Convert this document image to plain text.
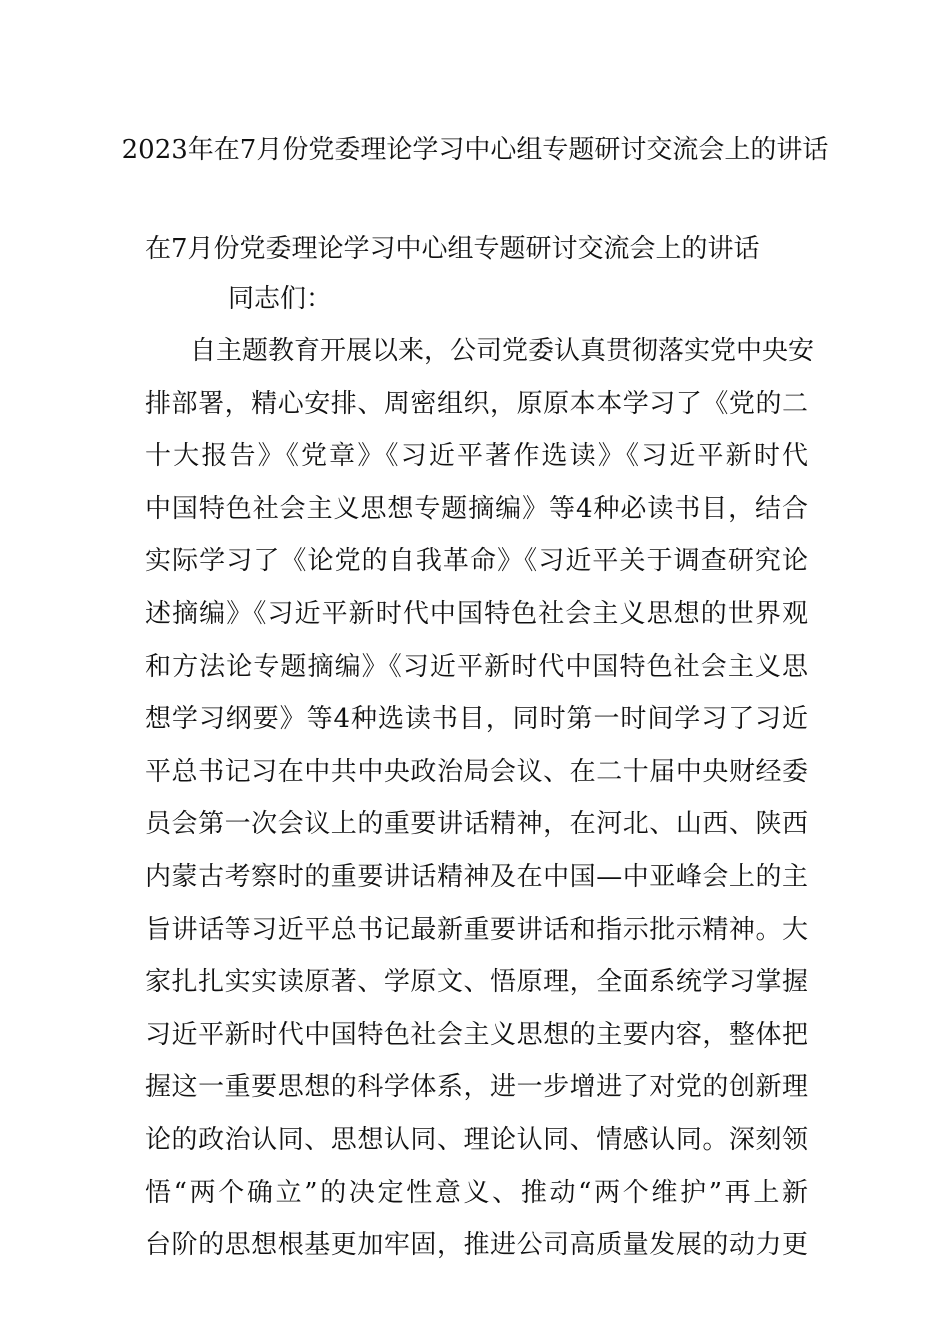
2023年在7月份党委理论学习中心组专题研讨交流会上的讲话

在7月份党委理论学习中心组专题研讨交流会上的讲话

同志们：

自主题教育开展以来，公司党委认真贯彻落实党中央安
排部署，精心安排、周密组织，原原本本学习了《党的二
十大报告》《党章》《习近平著作选读》《习近平新时代
中国特色社会主义思想专题摘编》等4种必读书目，结合
实际学习了《论党的自我革命》《习近平关于调查研究论
述摘编》《习近平新时代中国特色社会主义思想的世界观
和方法论专题摘编》《习近平新时代中国特色社会主义思
想学习纲要》等4种选读书目，同时第一时间学习了习近
平总书记习在中共中央政治局会议、在二十届中央财经委
员会第一次会议上的重要讲话精神，在河北、山西、陕西
内蒙古考察时的重要讲话精神及在中国—中亚峰会上的主
旨讲话等习近平总书记最新重要讲话和指示批示精神。大
家扎扎实实读原著、学原文、悟原理，全面系统学习掌握
习近平新时代中国特色社会主义思想的主要内容，整体把
握这一重要思想的科学体系，进一步增进了对党的创新理
论的政治认同、思想认同、理论认同、情感认同。深刻领
悟“两个确立”的决定性意义、推动“两个维护”再上新
台阶的思想根基更加牢固，推进公司高质量发展的动力更
